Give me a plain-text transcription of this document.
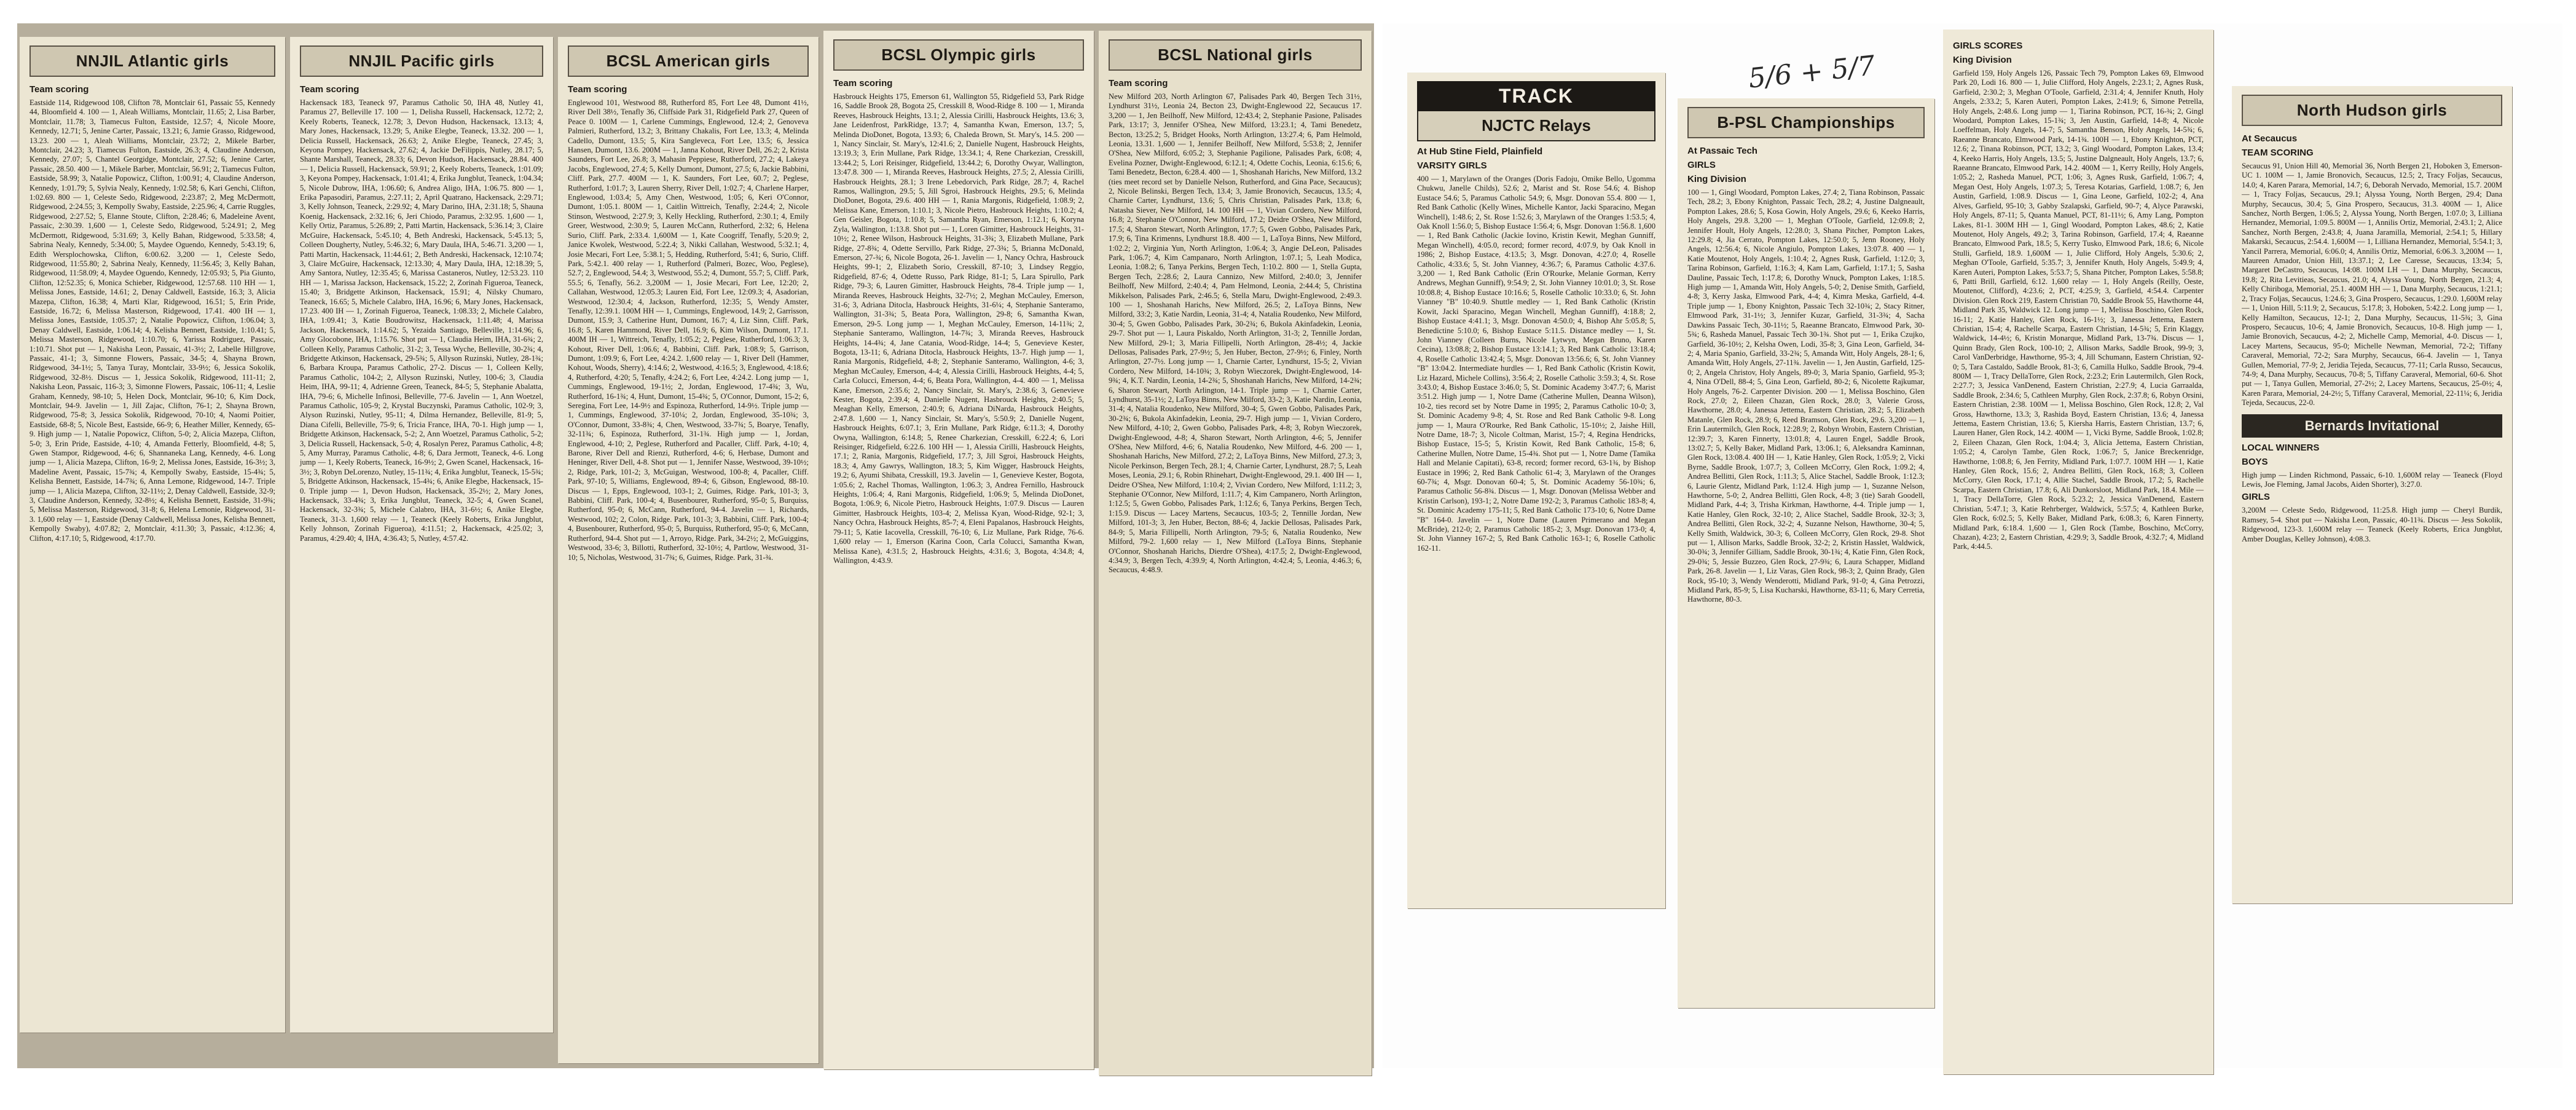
NNJIL Atlantic girls
Team scoring
Eastside 114, Ridgewood 108, Clifton 78, Montclair 61, Passaic 55, Kennedy 44, Bloomfield 4. 100 — 1, Aleah Williams, Montclair, 11.65; 2, Lisa Barber, Montclair, 11.78; 3, Tiamecus Fulton, Eastside, 12.57; 4, Nicole Moore, Kennedy, 12.71; 5, Jenine Carter, Passaic, 13.21; 6, Jamie Grasso, Ridgewood, 13.23. 200 — 1, Aleah Williams, Montclair, 23.72; 2, Mikele Barber, Montclair, 24.23; 3, Tiamecus Fulton, Eastside, 26.3; 4, Claudine Anderson, Kennedy, 27.07; 5, Chantel Georgidge, Montclair, 27.52; 6, Jenine Carter, Passaic, 28.50. 400 — 1, Mikele Barber, Montclair, 56.91; 2, Tiamecus Fulton, Eastside, 58.99; 3, Natalie Popowicz, Clifton, 1:00.91; 4, Claudine Anderson, Kennedy, 1:01.79; 5, Sylvia Nealy, Kennedy, 1:02.58; 6, Kari Genchi, Clifton, 1:02.69. 800 — 1, Celeste Sedo, Ridgewood, 2:23.87; 2, Meg McDermott, Ridgewood, 2:24.55; 3, Kempolly Swaby, Eastside, 2:25.96; 4, Carrie Ruggles, Ridgewood, 2:27.52; 5, Elanne Stoute, Clifton, 2:28.46; 6, Madeleine Avent, Passaic, 2:30.39. 1,600 — 1, Celeste Sedo, Ridgewood, 5:24.91; 2, Meg McDermott, Ridgewood, 5:31.69; 3, Kelly Bahan, Ridgewood, 5:33.58; 4, Sabrina Nealy, Kennedy, 5:34.00; 5, Maydee Oguendo, Kennedy, 5:43.19; 6, Edith Wersplochowska, Clifton, 6:00.62. 3,200 — 1, Celeste Sedo, Ridgewood, 11:55.80; 2, Sabrina Nealy, Kennedy, 11:56.45; 3, Kelly Bahan, Ridgewood, 11:58.09; 4, Maydee Oguendo, Kennedy, 12:05.93; 5, Pia Giunto, Clifton, 12:52.35; 6, Monica Schieber, Ridgewood, 12:57.68. 110 HH — 1, Melissa Jones, Eastside, 14.61; 2, Denay Caldwell, Eastside, 16.3; 3, Alicia Mazepa, Clifton, 16.38; 4, Marti Klar, Ridgewood, 16.51; 5, Erin Pride, Eastside, 16.72; 6, Melissa Masterson, Ridgewood, 17.41. 400 IH — 1, Melissa Jones, Eastside, 1:05.37; 2, Natalie Popowicz, Clifton, 1:06.04; 3, Denay Caldwell, Eastside, 1:06.14; 4, Kelisha Bennett, Eastside, 1:10.41; 5, Melissa Masterson, Ridgewood, 1:10.70; 6, Yarissa Rodriguez, Passaic, 1:10.71. Shot put — 1, Nakisha Leon, Passaic, 41-3½; 2, Labelle Hillgrove, Passaic, 41-1; 3, Simonne Flowers, Passaic, 34-5; 4, Shayna Brown, Ridgewood, 34-1½; 5, Tanya Turay, Montclair, 33-9½; 6, Jessica Sokolik, Ridgewood, 32-8½. Discus — 1, Jessica Sokolik, Ridgewood, 111-11; 2, Nakisha Leon, Passaic, 116-3; 3, Simonne Flowers, Passaic, 106-11; 4, Leslie Graham, Kennedy, 98-10; 5, Helen Dock, Montclair, 96-10; 6, Kim Dock, Montclair, 94-9. Javelin — 1, Jill Zajac, Clifton, 76-1; 2, Shayna Brown, Ridgewood, 75-8; 3, Jessica Sokolik, Ridgewood, 70-10; 4, Naomi Poitier, Eastside, 68-8; 5, Nicole Best, Eastside, 66-9; 6, Heather Miller, Kennedy, 65-9. High jump — 1, Natalie Popowicz, Clifton, 5-0; 2, Alicia Mazepa, Clifton, 5-0; 3, Erin Pride, Eastside, 4-10; 4, Amanda Fetterly, Bloomfield, 4-8; 5, Gwen Stampor, Ridgewood, 4-6; 6, Shannaneka Lang, Kennedy, 4-6. Long jump — 1, Alicia Mazepa, Clifton, 16-9; 2, Melissa Jones, Eastside, 16-3½; 3, Madeline Avent, Passaic, 15-7¾; 4, Kempolly Swaby, Eastside, 15-4¾; 5, Kelisha Bennett, Eastside, 14-7¾; 6, Anna Lemone, Ridgewood, 14-7. Triple jump — 1, Alicia Mazepa, Clifton, 32-11½; 2, Denay Caldwell, Eastside, 32-9; 3, Claudine Anderson, Kennedy, 32-8½; 4, Kelisha Bennett, Eastside, 31-9¾; 5, Melissa Masterson, Ridgewood, 31-8; 6, Helena Lemonie, Ridgewood, 31-3. 1,600 relay — 1, Eastside (Denay Caldwell, Melissa Jones, Kelisha Bennett, Kempolly Swaby), 4:07.82; 2, Montclair, 4:11.30; 3, Passaic, 4:12.36; 4, Clifton, 4:17.10; 5, Ridgewood, 4:17.70.
NNJIL Pacific girls
Team scoring
Hackensack 183, Teaneck 97, Paramus Catholic 50, IHA 48, Nutley 41, Paramus 27, Belleville 17. 100 — 1, Delisha Russell, Hackensack, 12.72; 2, Keely Roberts, Teaneck, 12.78; 3, Devon Hudson, Hackensack, 13.13; 4, Mary Jones, Hackensack, 13.29; 5, Anike Elegbe, Teaneck, 13.32. 200 — 1, Delicia Russell, Hackensack, 26.63; 2, Anike Elegbe, Teaneck, 27.45; 3, Keyona Pompey, Hackensack, 27.62; 4, Jackie DeFilippis, Nutley, 28.17; 5, Shante Marshall, Teaneck, 28.33; 6, Devon Hudson, Hackensack, 28.84. 400 — 1, Delicia Russell, Hackensack, 59.91; 2, Keely Roberts, Teaneck, 1:01.09; 3, Keyona Pompey, Hackensack, 1:01.41; 4, Erika Jungblut, Teaneck, 1:04.34; 5, Nicole Dubrow, IHA, 1:06.60; 6, Andrea Aligo, IHA, 1:06.75. 800 — 1, Erika Papasodiri, Paramus, 2:27.11; 2, April Quatrano, Hackensack, 2:29.71; 3, Kelly Johnson, Teaneck, 2:29.92; 4, Mary Darino, IHA, 2:31.18; 5, Shauna Koenig, Hackensack, 2:32.16; 6, Jeri Chiodo, Paramus, 2:32.95. 1,600 — 1, Kelly Ortiz, Paramus, 5:26.89; 2, Patti Martin, Hackensack, 5:36.14; 3, Claire McGuire, Hackensack, 5:45.10; 4, Beth Andreski, Hackensack, 5:45.13; 5, Colleen Dougherty, Nutley, 5:46.32; 6, Mary Daula, IHA, 5:46.71. 3,200 — 1, Patti Martin, Hackensack, 11:44.61; 2, Beth Andreski, Hackensack, 12:10.74; 3, Claire McGuire, Hackensack, 12:13.30; 4, Mary Daula, IHA, 12:18.39; 5, Amy Santora, Nutley, 12:35.45; 6, Marissa Castaneros, Nutley, 12:53.23. 110 HH — 1, Marissa Jackson, Hackensack, 15.22; 2, Zorinah Figueroa, Teaneck, 15.40; 3, Bridgette Atkinson, Hackensack, 15.91; 4, Nilsky Chumaro, Teaneck, 16.65; 5, Michele Calabro, IHA, 16.96; 6, Mary Jones, Hackensack, 17.23. 400 IH — 1, Zorinah Figueroa, Teaneck, 1:08.33; 2, Michele Calabro, IHA, 1:09.41; 3, Katie Boudrowitsz, Hackensack, 1:11.48; 4, Marissa Jackson, Hackensack, 1:14.62; 5, Yezaida Santiago, Belleville, 1:14.96; 6, Amy Glocobone, IHA, 1:15.76. Shot put — 1, Claudia Heim, IHA, 31-6¾; 2, Colleen Kelly, Paramus Catholic, 31-2; 3, Tessa Wyche, Belleville, 30-2¾; 4, Bridgette Atkinson, Hackensack, 29-5¾; 5, Allyson Ruzinski, Nutley, 28-1¾; 6, Barbara Kroupa, Paramus Catholic, 27-2. Discus — 1, Colleen Kelly, Paramus Catholic, 104-2; 2, Allyson Ruzinski, Nutley, 100-6; 3, Claudia Heim, IHA, 99-11; 4, Adrienne Green, Teaneck, 84-5; 5, Stephanie Abalatta, IHA, 79-6; 6, Michelle Infinosi, Belleville, 77-6. Javelin — 1, Ann Woetzel, Paramus Catholic, 105-9; 2, Krystal Buczynski, Paramus Catholic, 102-9; 3, Alyson Ruzinski, Nutley, 95-11; 4, Dilma Hernandez, Belleville, 81-9; 5, Diana Cifelli, Belleville, 75-9; 6, Tricia France, IHA, 70-1. High jump — 1, Bridgette Atkinson, Hackensack, 5-2; 2, Ann Woetzel, Paramus Catholic, 5-2; 3, Delicia Russell, Hackensack, 5-0; 4, Rosalyn Perez, Paramus Catholic, 4-8; 5, Amy Murray, Paramus Catholic, 4-8; 6, Dara Jermott, Teaneck, 4-6. Long jump — 1, Keely Roberts, Teaneck, 16-9½; 2, Gwen Scanel, Hackensack, 16-3½; 3, Robyn DeLorenzo, Nutley, 15-11¾; 4, Erika Jungblut, Teaneck, 15-5¾; 5, Bridgette Atkinson, Hackensack, 15-4¾; 6, Anike Elegbe, Hackensack, 15-0. Triple jump — 1, Devon Hudson, Hackensack, 35-2½; 2, Mary Jones, Hackensack, 33-4¾; 3, Erika Jungblut, Teaneck, 32-5; 4, Gwen Scanel, Hackensack, 32-3¾; 5, Michele Calabro, IHA, 31-6½; 6, Anike Elegbe, Teaneck, 31-3. 1,600 relay — 1, Teaneck (Keely Roberts, Erika Jungblut, Kelly Johnson, Zorinah Figueroa), 4:11.51; 2, Hackensack, 4:25.02; 3, Paramus, 4:29.40; 4, IHA, 4:36.43; 5, Nutley, 4:57.42.
BCSL American girls
Team scoring
Englewood 101, Westwood 88, Rutherford 85, Fort Lee 48, Dumont 41½, River Dell 38½, Tenafly 36, Cliffside Park 31, Ridgefield Park 27, Queen of Peace 0. 100M — 1, Carlene Cummings, Englewood, 12.4; 2, Genoveva Palmieri, Rutherford, 13.2; 3, Brittany Chakalis, Fort Lee, 13.3; 4, Melinda Cadello, Dumont, 13.5; 5, Kira Sangleveca, Fort Lee, 13.5; 6, Jessica Hansen, Dumont, 13.6. 200M — 1, Janna Kohout, River Dell, 26.2; 2, Krista Saunders, Fort Lee, 26.8; 3, Mahasin Peppiese, Rutherford, 27.2; 4, Lakeya Jacobs, Englewood, 27.4; 5, Kelly Dumont, Dumont, 27.5; 6, Jackie Babbini, Cliff. Park, 27.7. 400M — 1, K. Saunders, Fort Lee, 60.7; 2, Peglese, Rutherford, 1:01.7; 3, Lauren Sherry, River Dell, 1:02.7; 4, Charlene Harper, Englewood, 1:03.4; 5, Amy Chen, Westwood, 1:05; 6, Keri O'Connor, Dumont, 1:05.1. 800M — 1, Caitlin Wittreich, Tenafly, 2:24.4; 2, Nicole Stinson, Westwood, 2:27.9; 3, Kelly Heckling, Rutherford, 2:30.1; 4, Emily Greer, Westwood, 2:30.9; 5, Lauren McCann, Rutherford, 2:32; 6, Helena Surio, Cliff. Park, 2:33.4. 1,600M — 1, Kate Coogriff, Tenafly, 5:20.9; 2, Janice Kwolek, Westwood, 5:22.4; 3, Nikki Callahan, Westwood, 5:32.1; 4, Josie Mecari, Fort Lee, 5:38.1; 5, Hedding, Rutherford, 5:41; 6, Surio, Cliff. Park, 5:42.1. 400 relay — 1, Rutherford (Palmeri, Bozec, Woo, Peglese), 52.7; 2, Englewood, 54.4; 3, Westwood, 55.2; 4, Dumont, 55.7; 5, Cliff. Park, 55.5; 6, Tenafly, 56.2. 3,200M — 1, Josie Mecari, Fort Lee, 12:20; 2, Callahan, Westwood, 12:05.3; Lauren Eid, Fort Lee, 12:09.3; 4, Asadorian, Westwood, 12:30.4; 4, Jackson, Rutherford, 12:35; 5, Wendy Amster, Tenafly, 12:39.1. 100M HH — 1, Cummings, Englewood, 14.9; 2, Garrisson, Dumont, 15.9; 3, Catherine Hunt, Dumont, 16.7; 4, Liz Sinn, Cliff. Park, 16.8; 5, Karen Hammond, River Dell, 16.9; 6, Kim Wilson, Dumont, 17.1. 400M IH — 1, Wittreich, Tenafly, 1:05.2; 2, Peglese, Rutherford, 1:06.3; 3, Kohout, River Dell, 1:06.6; 4, Babbini, Cliff. Park, 1:08.9; 5, Garrison, Dumont, 1:09.9; 6, Fort Lee, 4:24.2. 1,600 relay — 1, River Dell (Hammer, Kohout, Woods, Sherry), 4:14.6; 2, Westwood, 4:16.5; 3, Englewood, 4:18.6; 4, Rutherford, 4:20; 5, Tenafly, 4:24.2; 6, Fort Lee, 4:24.2. Long jump — 1, Cummings, Englewood, 19-1½; 2, Jordan, Englewood, 17-4¾; 3, Wu, Rutherford, 16-1¾; 4, Hunt, Dumont, 15-4¾; 5, O'Connor, Dumont, 15-2; 6, Seregina, Fort Lee, 14-9½ and Espinoza, Rutherford, 14-9½. Triple jump — 1, Cummings, Englewood, 37-10¼; 2, Jordan, Englewood, 35-10¾; 3, O'Connor, Dumont, 33-8¾; 4, Chen, Westwood, 33-7¾; 5, Boarye, Tenafly, 32-11¾; 6, Espinoza, Rutherford, 31-1¾. High jump — 1, Jordan, Englewood, 4-10; 2, Peglese, Rutherford and Pacaller, Cliff. Park, 4-10; 4, Barone, River Dell and Rienzi, Rutherford, 4-6; 6, Herbase, Dumont and Heninger, River Dell, 4-8. Shot put — 1, Jennifer Nasse, Westwood, 39-10½; 2, Ridge, Park, 101-2; 3, McGuigan, Westwood, 100-8; 4, Pacaller, Cliff. Park, 97-10; 5, Williams, Englewood, 89-4; 6, Gibson, Englewood, 88-10. Discus — 1, Epps, Englewood, 103-1; 2, Guimes, Ridge. Park, 101-3; 3, Babbini, Cliff. Park, 100-4; 4, Busenbourer, Rutherford, 95-0; 5, Burquiss, Rutherford, 95-0; 6, McCann, Rutherford, 94-4. Javelin — 1, Richards, Westwood, 102; 2, Colon, Ridge. Park, 101-3; 3, Babbini, Cliff. Park, 100-4; 4, Busenbourer, Rutherford, 95-0; 5, Burquiss, Rutherford, 95-0; 6, McCann, Rutherford, 94-4. Shot put — 1, Arroyo, Ridge. Park, 34-2½; 2, McGuiggins, Westwood, 33-6; 3, Billotti, Rutherford, 32-10½; 4, Partlow, Westwood, 31-10; 5, Nicholas, Westwood, 31-7¾; 6, Guimes, Ridge. Park, 31-¾.
BCSL Olympic girls
Team scoring
Hasbrouck Heights 175, Emerson 61, Wallington 55, Ridgefield 53, Park Ridge 16, Saddle Brook 28, Bogota 25, Cresskill 8, Wood-Ridge 8. 100 — 1, Miranda Reeves, Hasbrouck Heights, 13.1; 2, Alessia Cirilli, Hasbrouck Heights, 13.6; 3, Jane Leidenfrost, ParkRidge, 13.7; 4, Samantha Kwan, Emerson, 13.7; 5, Melinda DioDonet, Bogota, 13.93; 6, Chaleda Brown, St. Mary's, 14.5. 200 — 1, Nancy Sinclair, St. Mary's, 12:41.6; 2, Danielle Nugent, Hasbrouck Heights, 13:19.3; 3, Erin Mullane, Park Ridge, 13:34.1; 4, Rene Charkezian, Cresskill, 13:44.2; 5, Lori Reisinger, Ridgefield, 13:44.2; 6, Dorothy Owyar, Wallington, 13:47.8. 300 — 1, Miranda Reeves, Hasbrouck Heights, 27.5; 2, Alessia Cirilli, Hasbrouck Heights, 28.1; 3 Irene Lebedorvich, Park Ridge, 28.7; 4, Rachel Ramos, Wallington, 29.5; 5, Jill Sgroi, Hasbrouck Heights, 29.5; 6, Melinda DioDonet, Bogota, 29.6. 400 HH — 1, Rania Margonis, Ridgefield, 1:08.9; 2, Melissa Kane, Emerson, 1:10.1; 3, Nicole Pietro, Hasbrouck Heights, 1:10.2; 4, Gen Geisler, Bogota, 1:10.8; 5, Samantha Ryan, Emerson, 1:12.1; 6, Koryna Zyla, Wallington, 1:13.8. Shot put — 1, Loren Gimitter, Hasbrouck Heights, 31-10½; 2, Renee Wilson, Hasbrouck Heights, 31-3¾; 3, Elizabeth Mullane, Park Ridge, 27-8¾; 4, Odette Servillo, Park Ridge, 27-3¾; 5, Brianna McDonald, Emerson, 27-¾; 6, Nicole Bogota, 26-1. Javelin — 1, Nancy Ochra, Hasbrouck Heights, 99-1; 2, Elizabeth Sorio, Cresskill, 87-10; 3, Lindsey Reggio, Ridgefield, 87-6; 4, Odette Russo, Park Ridge, 81-1; 5, Lara Spirullo, Park Ridge, 79-3; 6, Lauren Gimitter, Hasbrouck Heights, 78-4. Triple jump — 1, Miranda Reeves, Hasbrouck Heights, 32-7½; 2, Meghan McCauley, Emerson, 31-6; 3, Adriana Ditocla, Hasbrouck Heights, 31-6¼; 4, Stephanie Santeramo, Wallington, 31-3¾; 5, Beata Pora, Wallington, 29-8; 6, Samantha Kwan, Emerson, 29-5. Long jump — 1, Meghan McCauley, Emerson, 14-11¾; 2, Stephanie Santeramo, Wallington, 14-7¾; 3, Miranda Reeves, Hasbrouck Heights, 14-4¾; 4, Jane Catania, Wood-Ridge, 14-4; 5, Genevieve Kester, Bogota, 13-11; 6, Adriana Ditocla, Hasbrouck Heights, 13-7. High jump — 1, Rania Margonis, Ridgefield, 4-8; 2, Stephanie Santeramo, Wallington, 4-6; 3, Meghan McCauley, Emerson, 4-4; 4, Alessia Cirilli, Hasbrouck Heights, 4-4; 5, Carla Colucci, Emerson, 4-4; 6, Beata Pora, Wallington, 4-4. 400 — 1, Melissa Kane, Emerson, 2:35.6; 2, Nancy Sinclair, St. Mary's, 2:38.6; 3, Genevieve Kester, Bogota, 2:39.4; 4, Danielle Nugent, Hasbrouck Heights, 2:40.5; 5, Meaghan Kelly, Emerson, 2:40.9; 6, Adriana DiNarda, Hasbrouck Heights, 2:47.8. 1,600 — 1, Nancy Sinclair, St. Mary's, 5:50.9; 2, Danielle Nugent, Hasbrouck Heights, 6:07.1; 3, Erin Mullane, Park Ridge, 6:11.3; 4, Dorothy Owyna, Wallington, 6:14.8; 5, Renee Charkezian, Cresskill, 6:22.4; 6, Lori Reisinger, Ridgefield, 6:22.6. 100 HH — 1, Alessia Cirilli, Hasbrouck Heights, 17.1; 2, Rania, Margonis, Ridgefield, 17.7; 3, Jill Sgroi, Hasbrouck Heights, 18.3; 4, Amy Gawrys, Wallington, 18.3; 5, Kim Wigger, Hasbrouck Heights, 19.2; 6, Ayumi Shibata, Cresskill, 19.3. Javelin — 1, Genevieve Kester, Bogota, 1:05.6; 2, Rachel Thomas, Wallington, 1:06.3; 3, Andrea Fernillo, Hasbrouck Heights, 1:06.4; 4, Rani Margonis, Ridgefield, 1:06.9; 5, Melinda DioDonet, Bogota, 1:06.9; 6, Nicole Pietro, Hasbrouck Heights, 1:07.9. Discus — Lauren Gimitter, Hasbrouck Heights, 103-4; 2, Melissa Kyan, Wood-Ridge, 92-1; 3, Nancy Ochra, Hasbrouck Heights, 85-7; 4, Eleni Papalanos, Hasbrouck Heights, 79-11; 5, Katie Iacovella, Cresskill, 76-10; 6, Liz Mullane, Park Ridge, 76-6. 1,600 relay — 1, Emerson (Karina Coon, Carla Colucci, Samantha Kwan, Melissa Kane), 4:31.5; 2, Hasbrouck Heights, 4:31.6; 3, Bogota, 4:34.8; 4, Wallington, 4:43.9.
BCSL National girls
Team scoring
New Milford 203, North Arlington 67, Palisades Park 40, Bergen Tech 31½, Lyndhurst 31½, Leonia 24, Becton 23, Dwight-Englewood 22, Secaucus 17. 3,200 — 1, Jen Beilhoff, New Milford, 12:43.4; 2, Stephanie Pasione, Palisades Park, 13:17; 3, Jennifer O'Shea, New Milford, 13:23.1; 4, Tami Benedetz, Becton, 13:25.2; 5, Bridget Hooks, North Arlington, 13:27.4; 6, Pam Helmold, Leonia, 13.31. 1,600 — 1, Jennifer Beilhoff, New Milford, 5:53.8; 2, Jennifer O'Shea, New Milford, 6:05.2; 3, Stephanie Pagilione, Palisades Park, 6:08; 4, Evelina Pozner, Dwight-Englewood, 6:12.1; 4, Odette Cochis, Leonia, 6:15.6; 6, Tami Benedetz, Becton, 6:28.4. 400 — 1, Shoshanah Harichs, New Milford, 13.2 (ties meet record set by Danielle Nelson, Rutherford, and Gina Pace, Secaucus); 2, Nicole Belinski, Bergen Tech, 13.4; 3, Jamie Bronovich, Secaucus, 13.5; 4, Charnie Carter, Lyndhurst, 13.6; 5, Chris Christian, Palisades Park, 13.8; 6, Natasha Siever, New Milford, 14. 100 HH — 1, Vivian Cordero, New Milford, 16.8; 2, Stephanie O'Connor, New Milford, 17.2; Deidre O'Shea, New Milford, 17.5; 4, Sharon Stewart, North Arlington, 17.7; 5, Gwen Gobbo, Palisades Park, 17.9; 6, Tina Krimenns, Lyndhurst 18.8. 400 — 1, LaToya Binns, New Milford, 1:02.2; 2, Virginia Yun, North Arlington, 1:06.4; 3, Angie DeLeon, Palisades Park, 1:06.7; 4, Kim Campanaro, North Arlington, 1:07.1; 5, Leah Modica, Leonia, 1:08.2; 6, Tanya Perkins, Bergen Tech, 1:10.2. 800 — 1, Stella Gupta, Bergen Tech, 2:28.6; 2, Laura Cannizo, New Milford, 2:40.0; 3, Jennifer Beilhoff, New Milford, 2:40.4; 4, Pam Helmond, Leonia, 2:44.4; 5, Christina Mikkelson, Palisades Park, 2:46.5; 6, Stella Maru, Dwight-Englewood, 2:49.3. 100 — 1, Shoshanah Harichs, New Milford, 26.5; 2, LaToya Binns, New Milford, 33:2; 3, Katie Nardin, Leonia, 31-4; 4, Natalia Roudenko, New Milford, 30-4; 5, Gwen Gobbo, Palisades Park, 30-2¾; 6, Bukola Akinfadekin, Leonia, 29-7. Shot put — 1, Laura Piskaldo, North Arlington, 31-3; 2, Tennille Jordan, New Milford, 29-1; 3, Maria Fillipelli, North Arlington, 28-4½; 4, Jackie Dellosas, Palisades Park, 27-9½; 5, Jen Huber, Becton, 27-9½; 6, Finley, North Arlington, 27-7½. Long jump — 1, Charnie Carter, Lyndhurst, 15-5; 2, Vivian Cordero, New Milford, 14-10¾; 3, Robyn Wieczorek, Dwight-Englewood, 14-9¾; 4, K.T. Nardin, Leonia, 14-2¾; 5, Shoshanah Harichs, New Milford, 14-2¾; 6, Sharon Stewart, North Arlington, 14-1. Triple jump — 1, Charnie Carter, Lyndhurst, 35-1½; 2, LaToya Binns, New Milford, 33-2; 3, Katie Nardin, Leonia, 31-4; 4, Natalia Roudenko, New Milford, 30-4; 5, Gwen Gobbo, Palisades Park, 30-2¾; 6, Bukola Akinfadekin, Leonia, 29-7. High jump — 1, Vivian Cordero, New Milford, 4-10; 2, Gwen Gobbo, Palisades Park, 4-8; 3, Robyn Wieczorek, Dwight-Englewood, 4-8; 4, Sharon Stewart, North Arlington, 4-6; 5, Jennifer O'Shea, New Milford, 4-6; 6, Natalia Roudenko, New Milford, 4-6. 200 — 1, Shoshanah Harichs, New Milford, 27.2; 2, LaToya Binns, New Milford, 27.3; 3, Nicole Perkinson, Bergen Tech, 28.1; 4, Charnie Carter, Lyndhurst, 28.7; 5, Leah Moses, Leonia, 29.1; 6, Robin Rhinehart, Dwight-Englewood, 29.1. 400 IH — 1, Deidre O'Shea, New Milford, 1:10.4; 2, Vivian Cordero, New Milford, 1:11.2; 3, Stephanie O'Connor, New Milford, 1:11.7; 4, Kim Campanero, North Arlington, 1:12.5; 5, Gwen Gobbo, Palisades Park, 1:12.6; 6, Tanya Perkins, Bergen Tech, 1:15.9. Discus — Lacey Martens, Secaucus, 103-5; 2, Tennille Jordan, New Milford, 101-3; 3, Jen Huber, Becton, 88-6; 4, Jackie Dellosas, Palisades Park, 84-9; 5, Maria Fillipelli, North Arlington, 79-5; 6, Natalia Roudenko, New Milford, 79-2. 1,600 relay — 1, New Milford (LaToya Binns, Stephanie O'Connor, Shoshanah Harichs, Dierdre O'Shea), 4:17.5; 2, Dwight-Englewood, 4:34.9; 3, Bergen Tech, 4:39.9; 4, North Arlington, 4:42.4; 5, Leonia, 4:46.3; 6, Secaucus, 4:48.9.
TRACK
NJCTC Relays
At Hub Stine Field, Plainfield
VARSITY GIRLS
400 — 1, Marylawn of the Oranges (Doris Fadoju, Omike Bello, Ugomma Chukwu, Janelle Childs), 52.6; 2, Marist and St. Rose 54.6; 4. Bishop Eustace 54.6; 5, Paramus Catholic 54.9; 6, Msgr. Donovan 55.4. 800 — 1, Red Bank Catholic (Kelly Wines, Michelle Kantor, Jacki Sparacino, Megan Winchell), 1:48.6; 2, St. Rose 1:52.6; 3, Marylawn of the Oranges 1:53.5; 4, Oak Knoll 1:56.0; 5, Bishop Eustace 1:56.4; 6, Msgr. Donovan 1:56.8. 1,600 — 1, Red Bank Catholic (Jackie Iovino, Kristin Kewit, Meghan Gunniff, Megan Winchell), 4:05.0, record; former record, 4:07.9, by Oak Knoll in 1986; 2, Bishop Eustace, 4:13.5; 3, Msgr. Donovan, 4:27.0; 4, Roselle Catholic, 4:33.6; 5, St. John Vianney, 4:36.7; 6, Paramus Catholic 4:37.6. 3,200 — 1, Red Bank Catholic (Erin O'Rourke, Melanie Gorman, Kerry Andrews, Meghan Gunniff), 9:54.9; 2, St. John Vianney 10:01.0; 3, St. Rose 10:08.8; 4, Bishop Eustace 10:16.6; 5, Roselle Catholic 10:33.0; 6, St. John Vianney "B" 10:40.9. Shuttle medley — 1, Red Bank Catholic (Kristin Kowit, Jacki Sparacino, Megan Winchell, Meghan Gunniff), 4:18.8; 2, Bishop Eustace 4:41.1; 3, Msgr. Donovan 4:50.0; 4, Bishop Ahr 5:05.8; 5, Benedictine 5:10.0; 6, Bishop Eustace 5:11.5. Distance medley — 1, St. John Vianney (Colleen Burns, Nicole Lytwyn, Megan Bruno, Karen Cecina), 13:08.8; 2, Bishop Eustace 13:14.1; 3, Red Bank Catholic 13:18.4; 4, Roselle Catholic 13:42.4; 5, Msgr. Donovan 13:56.6; 6, St. John Vianney "B" 13:04.2. Intermediate hurdles — 1, Red Bank Catholic (Kristin Kowit, Liz Hazard, Michele Collins), 3:56.4; 2, Roselle Catholic 3:59.3; 4, St. Rose 3:43.0; 4, Bishop Eustace 3:46.0; 5, St. Dominic Academy 3:47.7; 6, Marist 3:51.2. High jump — 1, Notre Dame (Catherine Mullen, Deanna Wilson), 10-2, ties record set by Notre Dame in 1995; 2, Paramus Catholic 10-0; 3, St. Dominic Academy 9-8; 4, St. Rose and Red Bank Catholic 9-8. Long jump — 1, Maura O'Rourke, Red Bank Catholic, 15-10½; 2, Jaishe Hill, Notre Dame, 18-7; 3, Nicole Coltman, Marist, 15-7; 4, Regina Hendricks, Bishop Eustace, 15-5; 5, Kristin Kowit, Red Bank Catholic, 15-8; 6, Catherine Mullen, Notre Dame, 15-4¾. Shot put — 1, Notre Dame (Tamika Hall and Melanie Capitati), 63-8, record; former record, 63-1¾, by Bishop Eustace in 1996; 2, Red Bank Catholic 61-4; 3, Marylawn of the Oranges 60-7¾; 4, Msgr. Donovan 60-4; 5, St. Dominic Academy 56-10¾; 6, Paramus Catholic 56-8¾. Discus — 1, Msgr. Donovan (Melissa Webber and Kristin Carlson), 193-1; 2, Notre Dame 192-2; 3, Paramus Catholic 183-8; 4, St. Dominic Academy 175-11; 5, Red Bank Catholic 173-10; 6, Notre Dame "B" 164-0. Javelin — 1, Notre Dame (Lauren Primerano and Megan McBride), 212-0; 2, Paramus Catholic 185-2; 3, Msgr. Donovan 173-0; 4, St. John Vianney 167-2; 5, Red Bank Catholic 163-1; 6, Roselle Catholic 162-11.
5/6 + 5/7
B-PSL Championships
At Passaic Tech
GIRLS
King Division
100 — 1, Gingl Woodard, Pompton Lakes, 27.4; 2, Tiana Robinson, Passaic Tech, 28.2; 3, Ebony Knighton, Passaic Tech, 28.2; 4, Justine Dalgneault, Pompton Lakes, 28.6; 5, Kosa Gowin, Holy Angels, 29.6; 6, Keeko Harris, Holy Angels, 29.8. 3,200 — 1, Meghan O'Toole, Garfield, 12:09.8; 2, Jennifer Hoult, Holy Angels, 12:28.0; 3, Shana Pitcher, Pompton Lakes, 12:29.8; 4, Jia Cerrato, Pompton Lakes, 12:50.0; 5, Jenn Rooney, Holy Angels, 12:56.4; 6, Nicole Angiulo, Pompton Lakes, 13:07.8. 400 — 1, Katie Moutenot, Holy Angels, 1:10.4; 2, Agnes Rusk, Garfield, 1:12.0; 3, Tarina Robinson, Garfield, 1:16.3; 4, Kam Lam, Garfield, 1:17.1; 5, Sasha Dauline, Passaic Tech, 1:17.8; 6, Dorothy Wnuck, Pompton Lakes, 1:18.5. High jump — 1, Amanda Witt, Holy Angels, 5-0; 2, Denise Smith, Garfield, 4-8; 3, Kerry Jaska, Elmwood Park, 4-4; 4, Kimra Meska, Garfield, 4-4. Triple jump — 1, Ebony Knighton, Passaic Tech 32-10¾; 2, Stacy Ritner, Elmwood Park, 31-1½; 3, Jennifer Kuzar, Garfield, 31-3¾; 4, Sacha Dawkins Passaic Tech, 30-11½; 5, Raeanne Brancato, Elmwood Park, 30-5¾; 6, Rasheda Manuel, Passaic Tech 30-1¾. Shot put — 1, Erika Czujko, Garfield, 36-10½; 2, Kelsha Owen, Lodi, 35-8; 3, Gina Leon, Garfield, 34-2; 4, Maria Spanio, Garfield, 33-2¾; 5, Amanda Witt, Holy Angels, 28-1; 6, Amanda Witt, Holy Angels, 27-11¾. Javelin — 1, Jen Austin, Garfield, 125-0; 2, Angela Christov, Holy Angels, 89-0; 3, Maria Spanio, Garfield, 95-3; 4, Nina O'Dell, 88-4; 5, Gina Leon, Garfield, 80-2; 6, Nicolette Rajkumar, Holy Angels, 76-2. Carpenter Division. 200 — 1, Melissa Boschino, Glen Rock, 27.0; 2, Eileen Chazan, Glen Rock, 28.0; 3, Valerie Gross, Hawthorne, 28.0; 4, Janessa Jettema, Eastern Christian, 28.2; 5, Elizabeth Matanle, Glen Rock, 28.9; 6, Reed Bramson, Glen Rock, 29.6. 3,200 — 1, Erin Lautermilch, Glen Rock, 12:28.9; 2, Robyn Wrobin, Eastern Christian, 12:39.7; 3, Karen Finnerty, 13:01.8; 4, Lauren Engel, Saddle Brook, 13:02.7; 5, Kelly Baker, Midland Park, 13:06.1; 6, Aleksandra Kaminnan, Glen Rock, 13:08.4. 400 IH — 1, Katie Hanley, Glen Rock, 1:05.9; 2, Vicki Byrne, Saddle Brook, 1:07.7; 3, Colleen McCorry, Glen Rock, 1:09.2; 4, Andrea Bellitti, Glen Rock, 1:11.3; 5, Alice Stachel, Saddle Brook, 1:12.3; 6, Laurie Glentz, Midland Park, 1:12.4. High jump — 1, Suzanne Nelson, Hawthorne, 5-0; 2, Andrea Bellitti, Glen Rock, 4-8; 3 (tie) Sarah Goodell, Midland Park, 4-4; 3, Trisha Kirkman, Hawthorne, 4-4. Triple jump — 1, Katie Hanley, Glen Rock, 32-10; 2, Alice Stachel, Saddle Brook, 32-3; 3, Andrea Bellitti, Glen Rock, 32-2; 4, Suzanne Nelson, Hawthorne, 30-4; 5, Kelly Smith, Waldwick, 30-3; 6, Colleen McCorry, Glen Rock, 29-8. Shot put — 1, Allison Marks, Saddle Brook, 32-2; 2, Kristin Hasslet, Waldwick, 30-0¾; 3, Jennifer Gilliam, Saddle Brook, 30-1¾; 4, Katie Finn, Glen Rock, 29-0¾; 5, Jessie Buzzeo, Glen Rock, 27-9¾; 6, Laura Schapper, Midland Park, 26-8. Javelin — 1, Liz Varas, Glen Rock, 98-3; 2, Quinn Brady, Glen Rock, 95-10; 3, Wendy Wenderotti, Midland Park, 91-0; 4, Gina Petrozzi, Midland Park, 85-9; 5, Lisa Kucharski, Hawthorne, 83-11; 6, Mary Cerretia, Hawthorne, 80-3.
GIRLS SCORES
King Division
Garfield 159, Holy Angels 126, Passaic Tech 79, Pompton Lakes 69, Elmwood Park 20, Lodi 16. 800 — 1, Julie Clifford, Holy Angels, 2:23.1; 2, Agnes Rusk, Garfield, 2:30.2; 3, Meghan O'Toole, Garfield, 2:31.4; 4, Jennifer Knuth, Holy Angels, 2:33.2; 5, Karen Auteri, Pompton Lakes, 2:41.9; 6, Simone Petrella, Holy Angels, 2:48.6. Long jump — 1, Tiarina Robinson, PCT, 16-¾; 2, Gingl Woodard, Pompton Lakes, 15-1¾; 3, Jen Austin, Garfield, 14-8; 4, Nicole Loeffelman, Holy Angels, 14-7; 5, Samantha Benson, Holy Angels, 14-5¾; 6, Raeanne Brancato, Elmwood Park, 14-1¾. 100H — 1, Ebony Knighton, PCT, 12.6; 2, Tinana Robinson, PCT, 13.2; 3, Gingl Woodard, Pompton Lakes, 13.4; 4, Keeko Harris, Holy Angels, 13.5; 5, Justine Dalgneault, Holy Angels, 13.7; 6, Raeanne Brancato, Elmwood Park, 14.2. 400M — 1, Kerry Reilly, Holy Angels, 1:05.2; 2, Rasheda Manuel, PCT, 1:06; 3, Agnes Rusk, Garfield, 1:06.7; 4, Megan Oest, Holy Angels, 1:07.3; 5, Teresa Kotarias, Garfield, 1:08.7; 6, Jen Austin, Garfield, 1:08.9. Discus — 1, Gina Leone, Garfield, 102-2; 4, Ana Alves, Garfield, 95-10; 3, Gabby Szalapski, Garfield, 90-7; 4, Alyce Parawski, Holy Angels, 87-11; 5, Quanta Manuel, PCT, 81-11½; 6, Amy Lang, Pompton Lakes, 81-1. 300M HH — 1, Gingl Woodard, Pompton Lakes, 48.6; 2, Katie Moutenot, Holy Angels, 49.2; 3, Tarina Robinson, Garfield, 17.4; 4, Raeanne Brancato, Elmwood Park, 18.5; 5, Kerry Tusko, Elmwood Park, 18.6; 6, Nicole Stulli, Garfield, 18.9. 1,600M — 1, Julie Clifford, Holy Angels, 5:30.6; 2, Meghan O'Toole, Garfield, 5:35.7; 3, Jennifer Knuth, Holy Angels, 5:49.9; 4, Karen Auteri, Pompton Lakes, 5:53.7; 5, Shana Pitcher, Pompton Lakes, 5:58.8; 6, Patti Brill, Garfield, 6:12. 1,600 relay — 1, Holy Angels (Reilly, Oeste, Moutenot, Clifford), 4:23.6; 2, PCT, 4:25.9; 3, Garfield, 4:54.4. Carpenter Division. Glen Rock 219, Eastern Christian 70, Saddle Brook 55, Hawthorne 44, Midland Park 35, Waldwick 12. Long jump — 1, Melissa Boschino, Glen Rock, 16-11; 2, Katie Hanley, Glen Rock, 16-1½; 3, Janessa Jettema, Eastern Christian, 15-4; 4, Rachelle Scarpa, Eastern Christian, 14-5¾; 5, Erin Klaggy, Waldwick, 14-4½; 6, Kristin Monarque, Midland Park, 13-7¾. Discus — 1, Quinn Brady, Glen Rock, 100-10; 2, Allison Marks, Saddle Brook, 99-9; 3, Carol VanDerbridge, Hawthorne, 95-3; 4, Jill Schumann, Eastern Christian, 92-0; 5, Tara Castaldo, Saddle Brook, 81-3; 6, Camilla Hulko, Saddle Brook, 79-4. 800M — 1, Tracy DellaTorre, Glen Rock, 2:23.2; Erin Lautermilch, Glen Rock, 2:27.7; 3, Jessica VanDenend, Eastern Christian, 2:27.9; 4, Lucia Garraalda, Saddle Brook, 2:34.6; 5, Cathleen Murphy, Glen Rock, 2:37.8; 6, Robyn Orsini, Eastern Christian, 2:38. 100M — 1, Melissa Boschino, Glen Rock, 12.8; 2, Val Gross, Hawthorne, 13.3; 3, Rashida Boyd, Eastern Christian, 13.6; 4, Janessa Jettema, Eastern Christian, 13.6; 5, Kiersha Harris, Eastern Christian, 13.7; 6, Lauren Haner, Glen Rock, 14.2. 400M — 1, Vicki Byrne, Saddle Brook, 1:02.8; 2, Eileen Chazan, Glen Rock, 1:04.4; 3, Alicia Jettema, Eastern Christian, 1:05.2; 4, Carolyn Tambe, Glen Rock, 1:06.7; 5, Janice Breckenridge, Hawthorne, 1:08.8; 6, Jen Ferrity, Midland Park, 1:07.7. 100M HH — 1, Katie Hanley, Glen Rock, 15.6; 2, Andrea Bellitti, Glen Rock, 16.8; 3, Colleen McCorry, Glen Rock, 17.1; 4, Allie Stachel, Saddle Brook, 17.2; 5, Rachelle Scarpa, Eastern Christian, 17.8; 6, Ali Dunkorsloot, Midland Park, 18.4. Mile — 1, Tracy DellaTorre, Glen Rock, 5:23.2; 2, Jessica VanDenend, Eastern Christian, 5:47.1; 3, Katie Rehrberger, Waldwick, 5:57.5; 4, Kathleen Burke, Glen Rock, 6:02.5; 5, Kelly Baker, Midland Park, 6:08.3; 6, Karen Finnerty, Midland Park, 6:18.4. 1,600 — 1, Glen Rock (Tambe, Boschino, McCorry, Chazan), 4:23; 2, Eastern Christian, 4:29.9; 3, Saddle Brook, 4:32.7; 4, Midland Park, 4:44.5.
North Hudson girls
At Secaucus
TEAM SCORING
Secaucus 91, Union Hill 40, Memorial 36, North Bergen 21, Hoboken 3, Emerson-UC 1. 100M — 1, Jamie Bronovich, Secaucus, 12.5; 2, Tracy Foljas, Secaucus, 14.0; 4, Karen Parara, Memorial, 14.7; 6, Deborah Nervado, Memorial, 15.7. 200M — 1, Tracy Foljas, Secaucus, 29.1; Alyssa Young, North Bergen, 29.4; Dana Murphy, Secaucus, 30.4; 5, Gina Prospero, Secaucus, 31.3. 400M — 1, Alice Sanchez, North Bergen, 1:06.5; 2, Alyssa Young, North Bergen, 1:07.0; 3, Lilliana Hernandez, Memorial, 1:09.5. 800M — 1, Annilis Ortiz, Memorial, 2:43.1; 2, Alice Sanchez, North Bergen, 2:43.8; 4, Juana Jaramilla, Memorial, 2:54.1; 5, Hillary Makarski, Secaucus, 2:54.4. 1,600M — 1, Lilliana Hernandez, Memorial, 5:54.1; 3, Yancil Parrera, Memorial, 6:06.0; 4, Annilis Ortiz, Memorial, 6:06.3. 3,200M — 1, Maureen Amador, Union Hill, 13:37.1; 2, Lee Caresse, Secaucus, 13:34; 5, Margaret DeCastro, Secaucus, 14:08. 100M LH — 1, Dana Murphy, Secaucus, 19.8; 2, Rita Levitieas, Secaucus, 21.0; 4, Alyssa Young, North Bergen, 21.3; 4, Kelly Chiriboga, Memorial, 25.1. 400M HH — 1, Dana Murphy, Secaucus, 1:21.1; 2, Tracy Foljas, Secaucus, 1:24.6; 3, Gina Prospero, Secaucus, 1:29.0. 1,600M relay — 1, Union Hill, 5:11.9; 2, Secaucus, 5:17.8; 3, Hoboken, 5:42.2. Long jump — 1, Kelly Hamilton, Secaucus, 12-1; 2, Dana Murphy, Secaucus, 11-5¾; 3, Gina Prospero, Secaucus, 10-6; 4, Jamie Bronovich, Secaucus, 10-8. High jump — 1, Jamie Bronovich, Secaucus, 4-2; 2, Michelle Camp, Memorial, 4-0. Discus — 1, Lacey Martens, Secaucus, 95-0; Michelle Newman, Memorial, 72-2; Tiffany Caraveral, Memorial, 72-2; Sara Murphy, Secaucus, 66-4. Javelin — 1, Tanya Gullen, Memorial, 77-9; 2, Jeridia Tejeda, Secaucus, 77-11; Carla Russo, Secaucus, 74-9; 4, Dana Murphy, Secaucus, 70-8; 5, Tiffany Caraveral, Memorial, 60-6. Shot put — 1, Tanya Gullen, Memorial, 27-2½; 2, Lacey Martens, Secaucus, 25-0½; 4, Karen Parara, Memorial, 24-2½; 5, Tiffany Caraveral, Memorial, 22-11¼; 6, Jeridia Tejeda, Secaucus, 22-0.
Bernards Invitational
LOCAL WINNERS
BOYS
High jump — Linden Richmond, Passaic, 6-10. 1,600M relay — Teaneck (Floyd Lewis, Joe Fleming, Jamal Jacobs, Aiden Shorter), 3:27.0.
GIRLS
3,200M — Celeste Sedo, Ridgewood, 11:25.8. High jump — Cheryl Burdik, Ramsey, 5-4. Shot put — Nakisha Leon, Passaic, 40-11¾. Discus — Jess Sokolik, Ridgewood, 123-3. 1,600M relay — Teaneck (Keely Roberts, Erica Jungblut, Amber Douglas, Kelley Johnson), 4:08.3.
